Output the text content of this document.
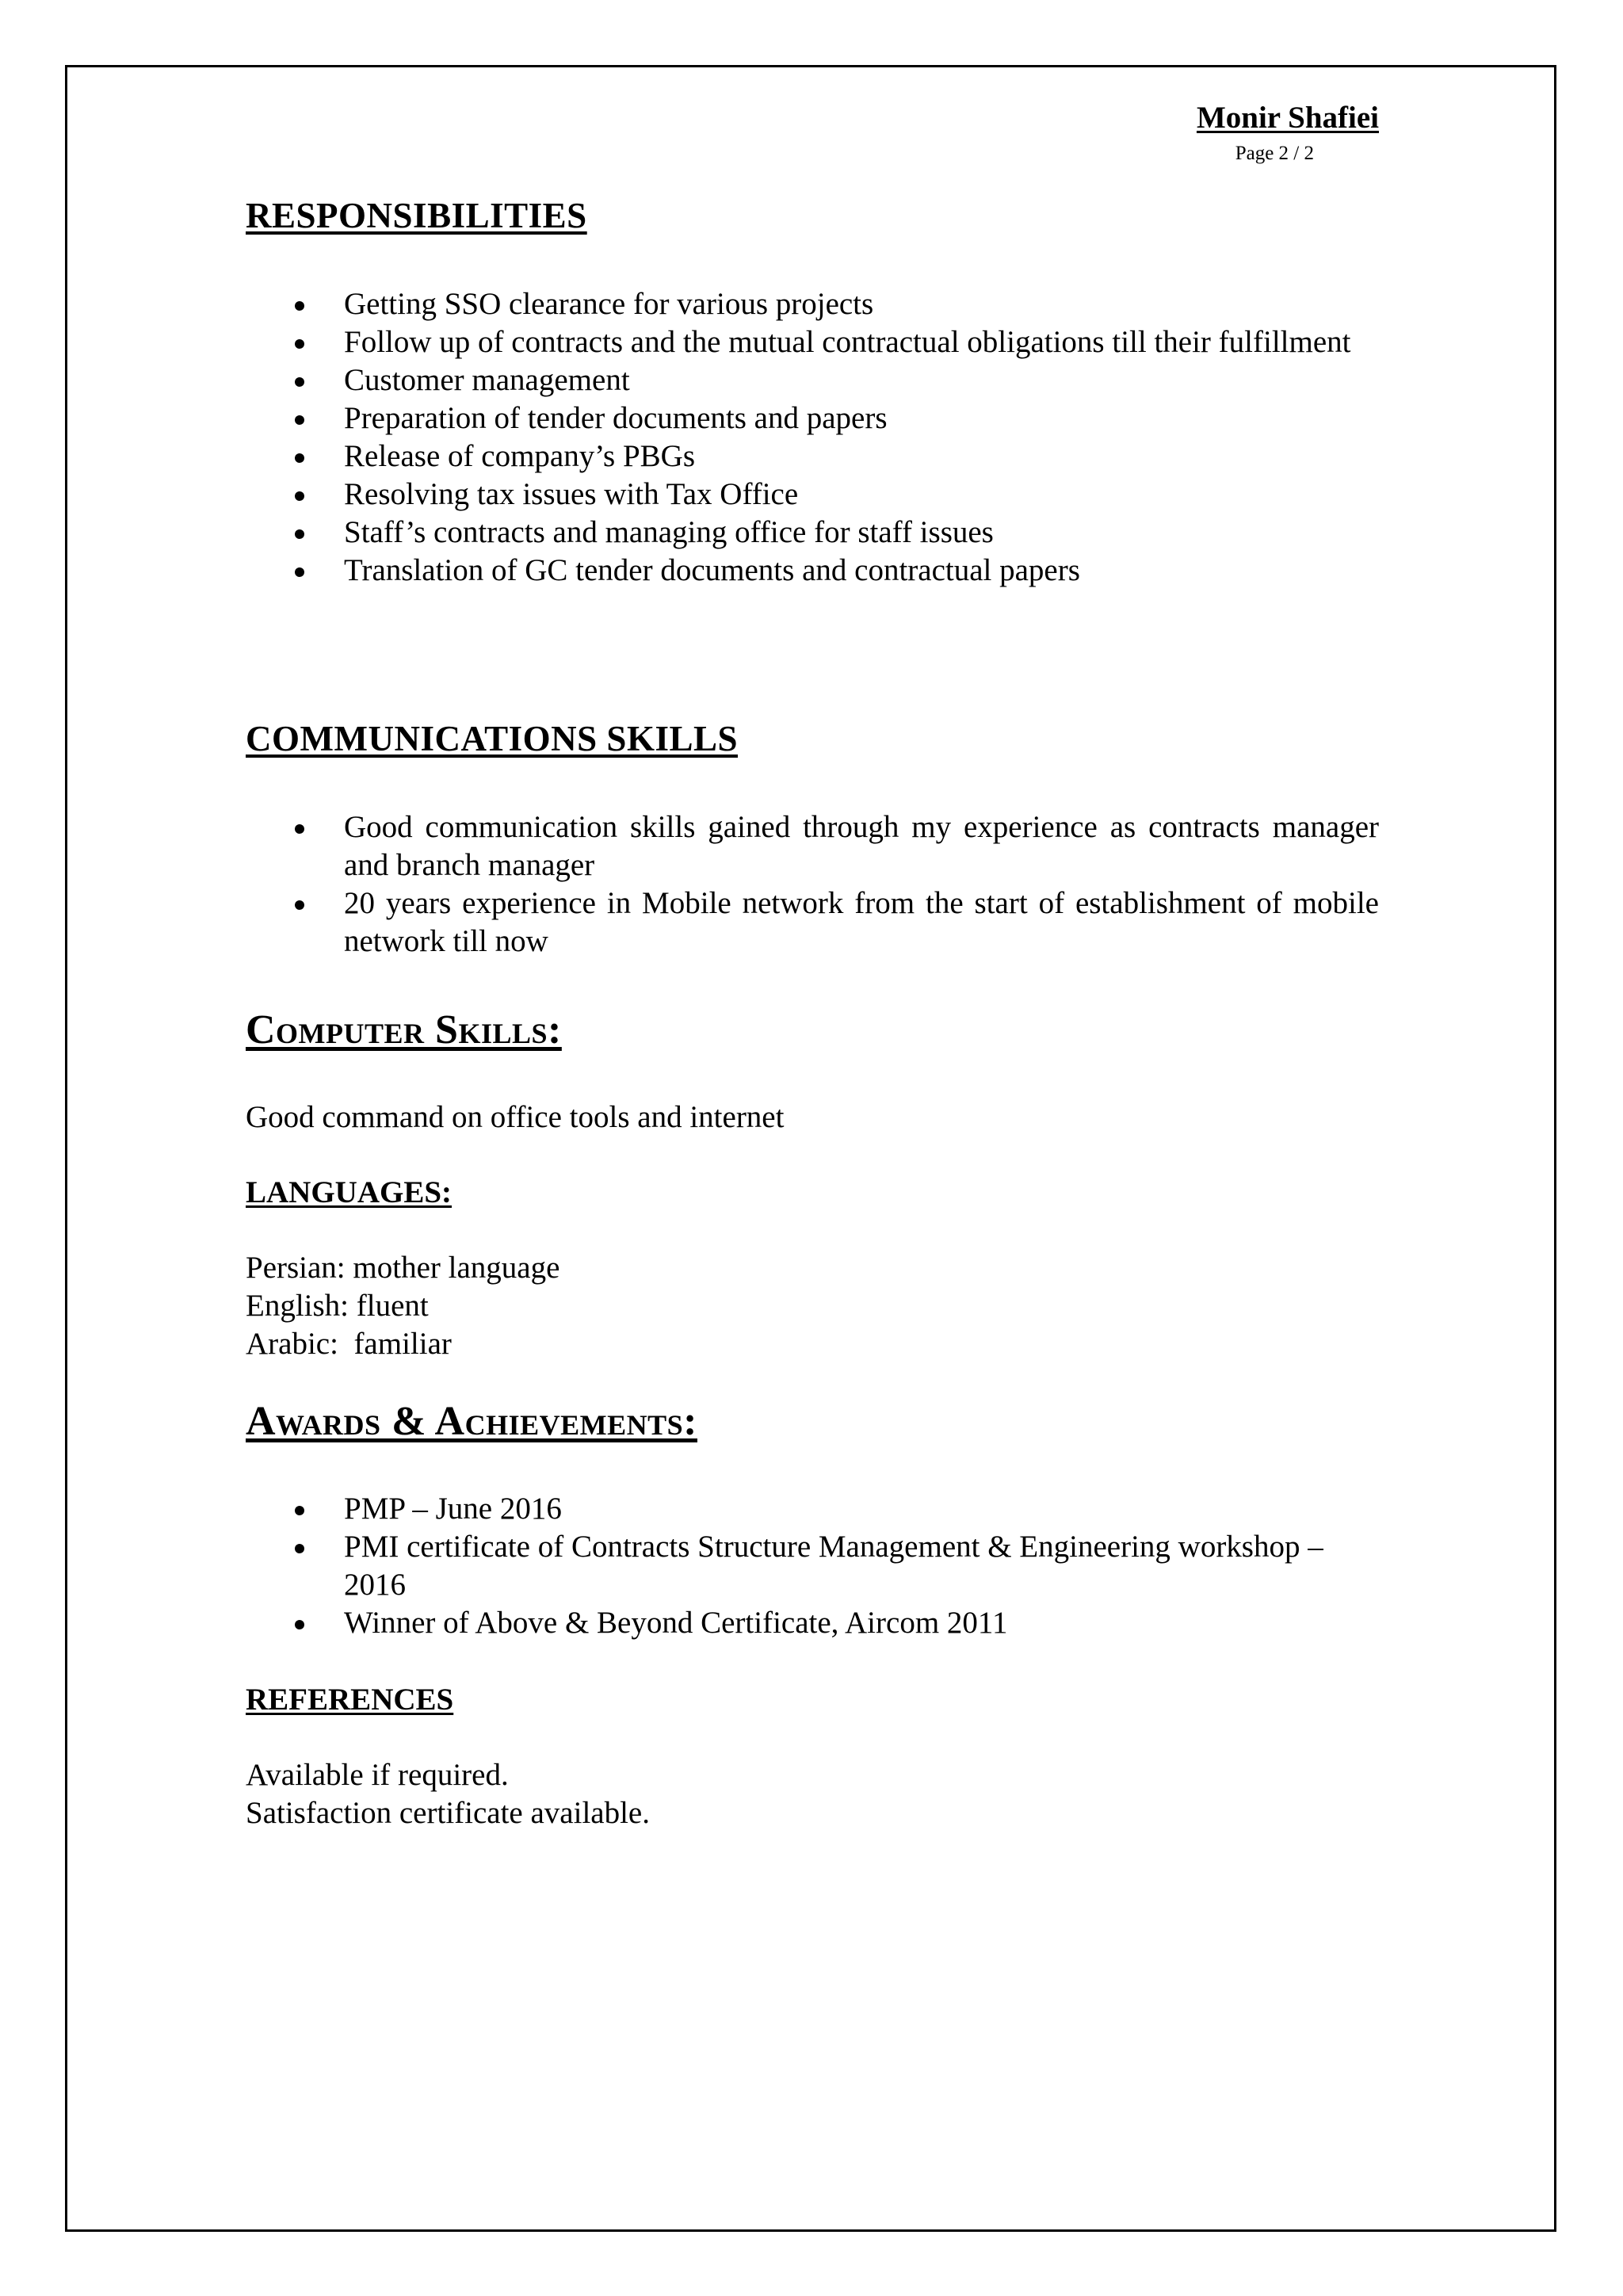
Monir Shafiei
Page 2 / 2
RESPONSIBILITIES
Getting SSO clearance for various projects
Follow up of contracts and the mutual contractual obligations till their fulfillment
Customer management
Preparation of tender documents and papers
Release of company’s PBGs
Resolving tax issues with Tax Office
Staff’s contracts and managing office for staff issues
Translation of GC tender documents and contractual papers
COMMUNICATIONS SKILLS
Good communication skills gained through my experience as contracts manager and branch manager
20 years experience in Mobile network from the start of establishment of mobile network till now
Computer Skills:

Good command on office tools and internet

LANGUAGES:

Persian: mother language

English: fluent

Arabic:  familiar

Awards & Achievements:
PMP – June 2016
PMI certificate of Contracts Structure Management & Engineering workshop – 2016
Winner of Above & Beyond Certificate, Aircom 2011
REFERENCES

Available if required.

Satisfaction certificate available.
